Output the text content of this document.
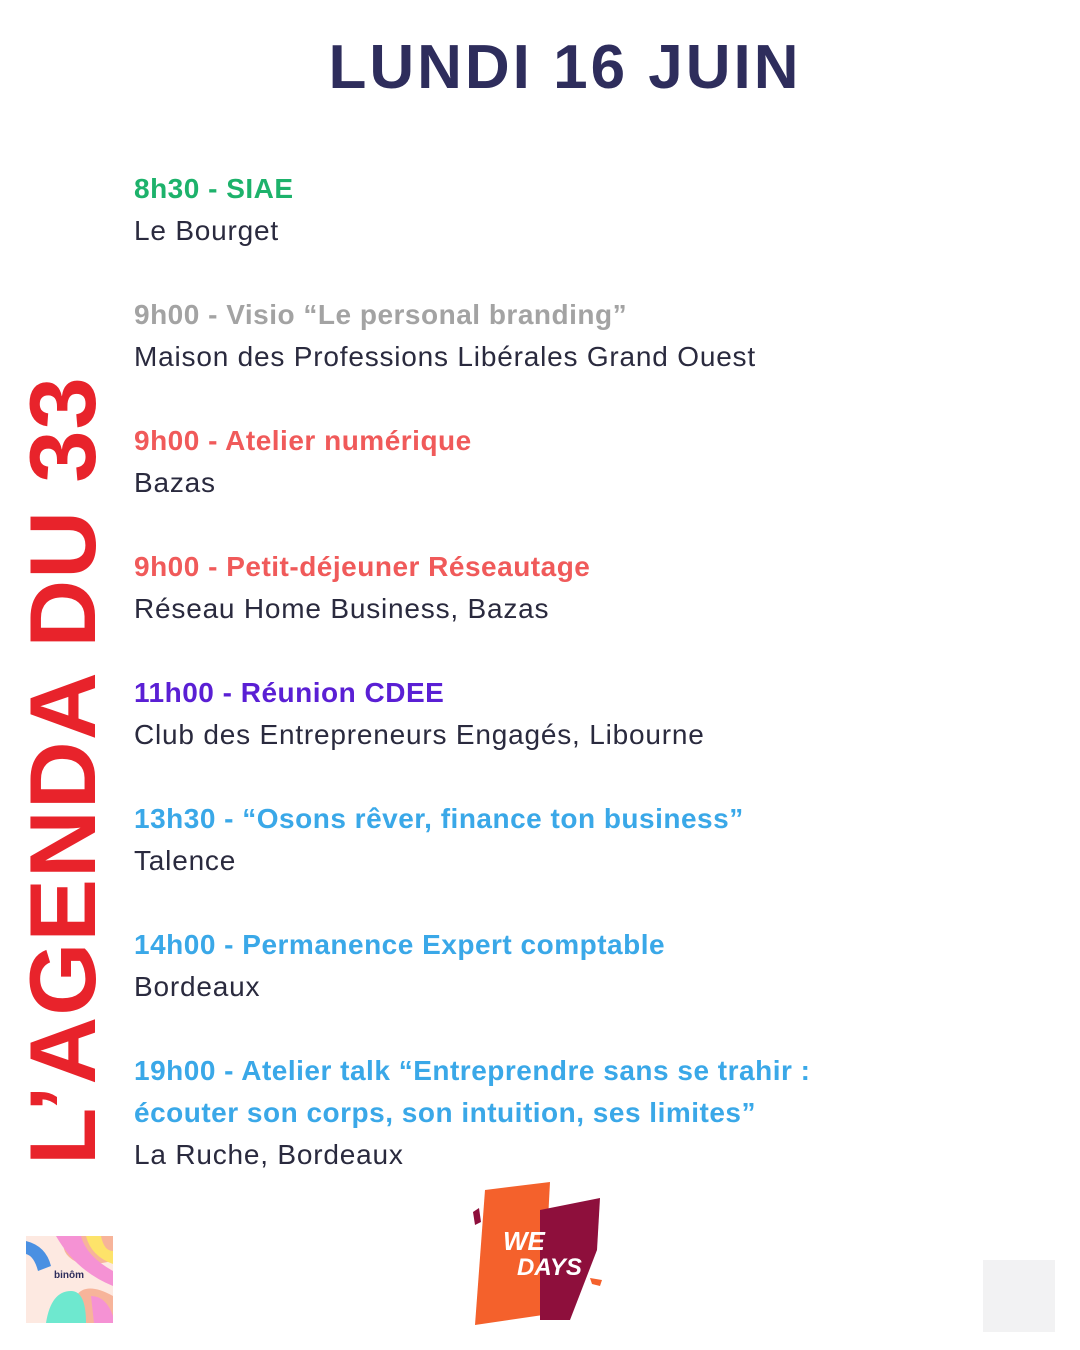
LUNDI 16 JUIN
L’AGENDA DU 33
8h30 - SIAE
Le Bourget
9h00 - Visio “Le personal branding”
Maison des Professions Libérales Grand Ouest
9h00 - Atelier numérique
Bazas
9h00 - Petit-déjeuner Réseautage
Réseau Home Business, Bazas
11h00 - Réunion CDEE
Club des Entrepreneurs Engagés, Libourne
13h30 - “Osons rêver, finance ton business”
Talence
14h00 - Permanence Expert comptable
Bordeaux
19h00 - Atelier talk “Entreprendre sans se trahir :
écouter son corps, son intuition, ses limites”
La Ruche, Bordeaux
binôm
WE
DAYS
